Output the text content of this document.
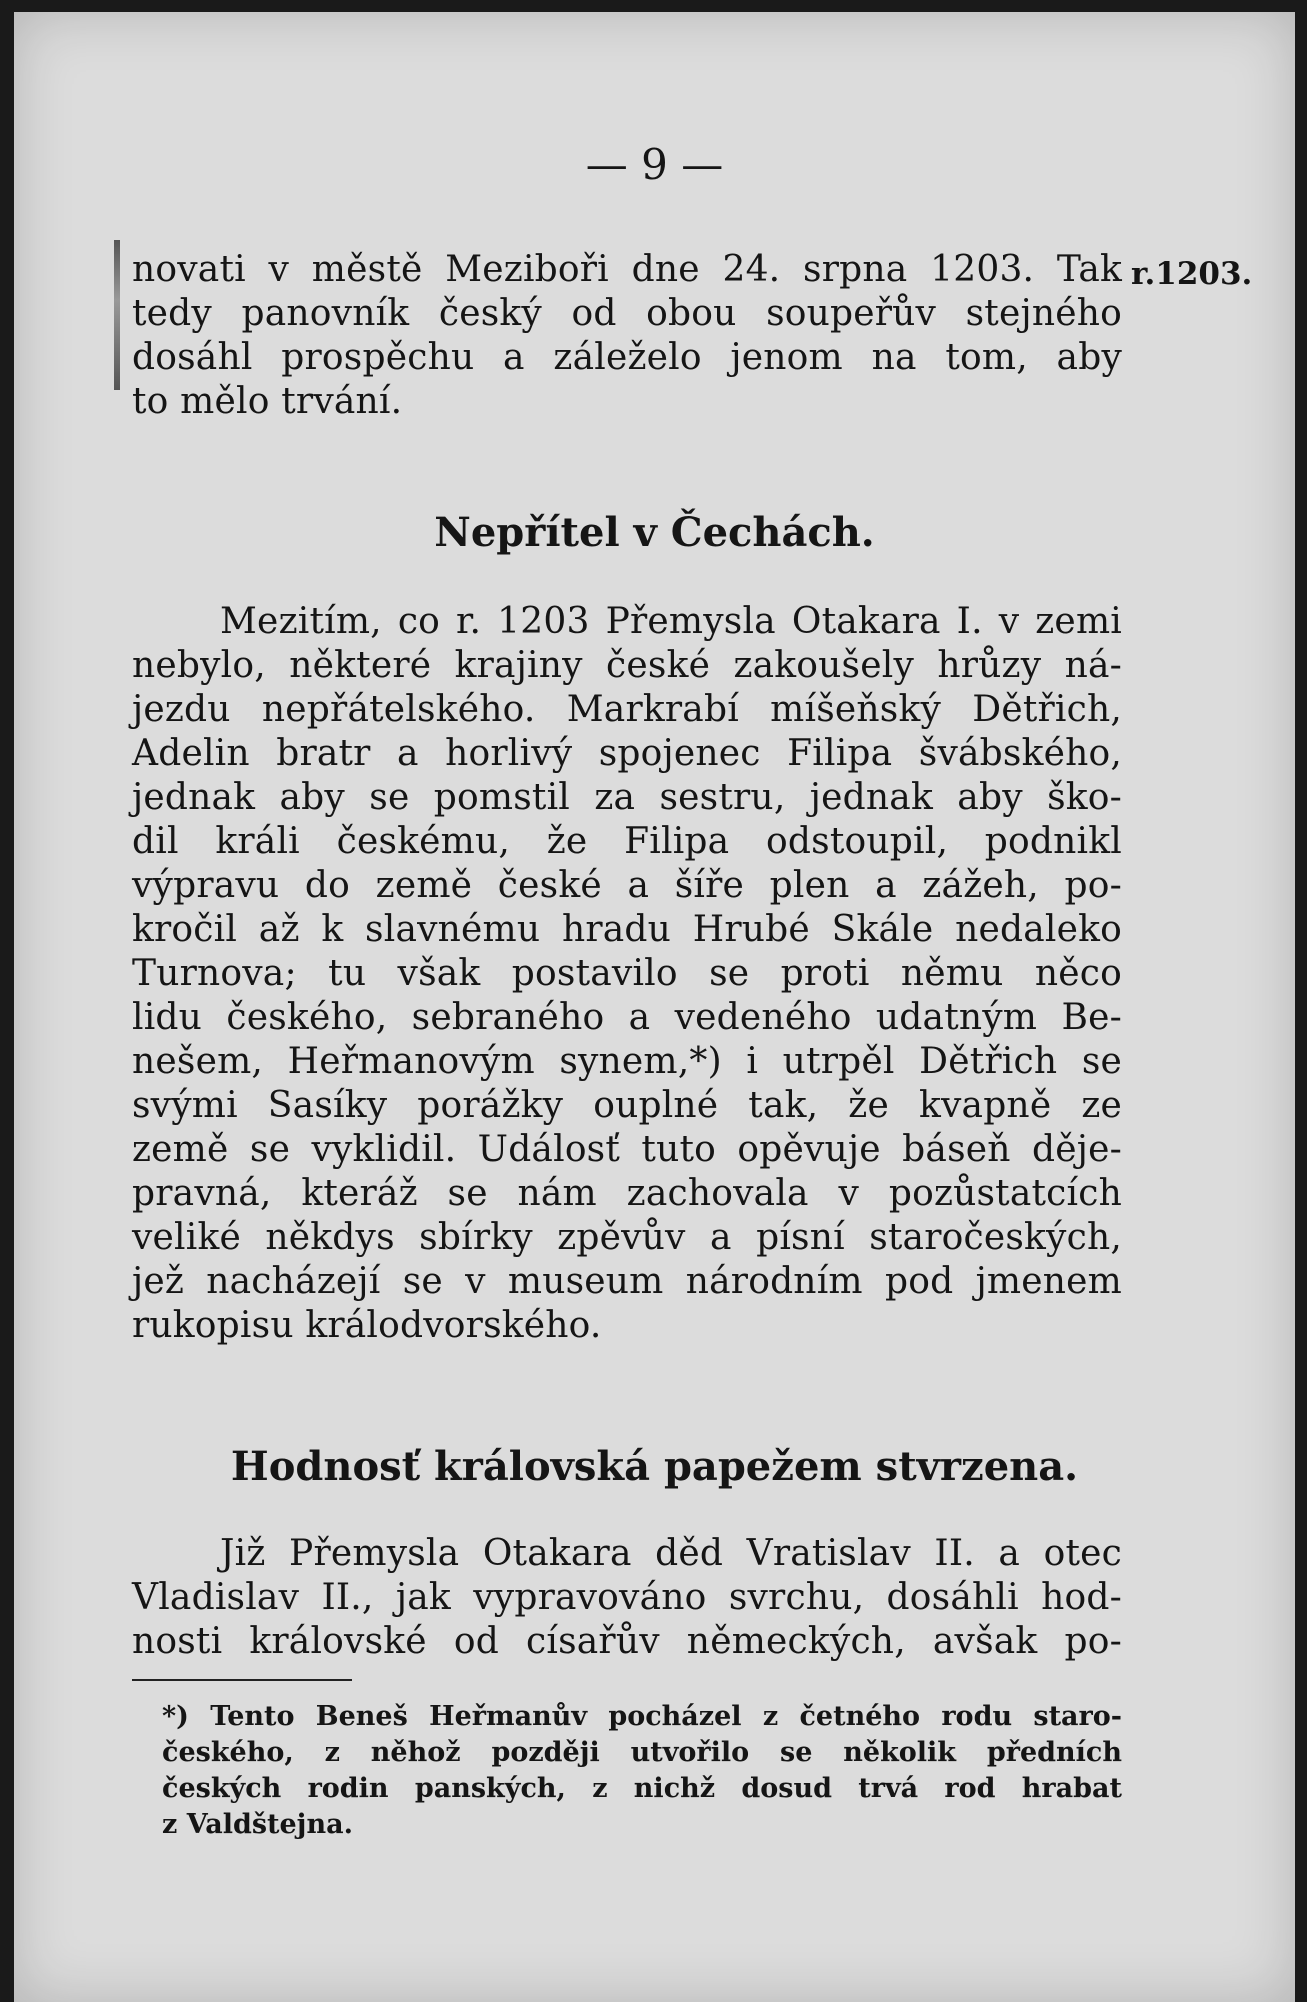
— 9 —
r.1203.

novati v městě Meziboři dne 24. srpna 1203. Tak

tedy panovník český od obou soupeřův stejného

dosáhl prospěchu a záleželo jenom na tom, aby

to mělo trvání.

Nepřítel v Čechách.

Mezitím, co r. 1203 Přemysla Otakara I. v zemi

nebylo, některé krajiny české zakoušely hrůzy ná-

jezdu nepřátelského. Markrabí míšeňský Dětřich,

Adelin bratr a horlivý spojenec Filipa švábského,

jednak aby se pomstil za sestru, jednak aby ško-

dil králi českému, že Filipa odstoupil, podnikl

výpravu do země české a šíře plen a zážeh, po-

kročil až k slavnému hradu Hrubé Skále nedaleko

Turnova; tu však postavilo se proti němu něco

lidu českého, sebraného a vedeného udatným Be-

nešem, Heřmanovým synem,*) i utrpěl Dětřich se

svými Sasíky porážky ouplné tak, že kvapně ze

země se vyklidil. Událosť tuto opěvuje báseň děje-

pravná, kteráž se nám zachovala v pozůstatcích

veliké někdys sbírky zpěvův a písní staročeských,

jež nacházejí se v museum národním pod jmenem

rukopisu králodvorského.

Hodnosť královská papežem stvrzena.

Již Přemysla Otakara děd Vratislav II. a otec

Vladislav II., jak vypravováno svrchu, dosáhli hod-

nosti královské od císařův německých, avšak po-

*) Tento Beneš Heřmanův pocházel z četného rodu staro-
českého, z něhož později utvořilo se několik předních
českých rodin panských, z nichž dosud trvá rod hrabat
z Valdštejna.
